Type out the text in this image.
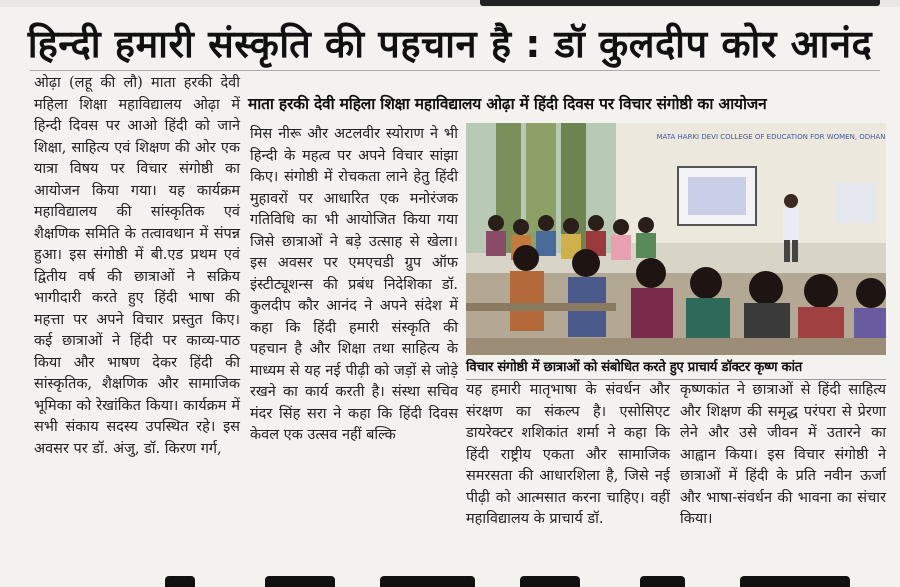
हिन्दी हमारी संस्कृति की पहचान है : डॉ कुलदीप कोर आनंद

ओढ़ा (लहू की लौ) माता हरकी देवी महिला शिक्षा महाविद्यालय ओढ़ा में हिन्दी दिवस पर आओ हिंदी को जाने शिक्षा, साहित्य एवं शिक्षण की ओर एक यात्रा विषय पर विचार संगोष्ठी का आयोजन किया गया। यह कार्यक्रम महाविद्यालय की सांस्कृतिक एवं शैक्षणिक समिति के तत्वावधान में संपन्न हुआ। इस संगोष्ठी में बी.एड प्रथम एवं द्वितीय वर्ष की छात्राओं ने सक्रिय भागीदारी करते हुए हिंदी भाषा की महत्ता पर अपने विचार प्रस्तुत किए। कई छात्राओं ने हिंदी पर काव्य-पाठ किया और भाषण देकर हिंदी की सांस्कृतिक, शैक्षणिक और सामाजिक भूमिका को रेखांकित किया। कार्यक्रम में सभी संकाय सदस्य उपस्थित रहे। इस अवसर पर डॉ. अंजु, डॉ. किरण गर्ग,

माता हरकी देवी महिला शिक्षा महाविद्यालय ओढ़ा में हिंदी दिवस पर विचार संगोष्ठी का आयोजन

मिस नीरू और अटलवीर स्योराण ने भी हिन्दी के महत्व पर अपने विचार सांझा किए। संगोष्ठी में रोचकता लाने हेतु हिंदी मुहावरों पर आधारित एक मनोरंजक गतिविधि का भी आयोजित किया गया जिसे छात्राओं ने बड़े उत्साह से खेला। इस अवसर पर एमएचडी ग्रुप ऑफ इंस्टीट्यूशन्स की प्रबंध निदेशिका डॉ. कुलदीप कौर आनंद ने अपने संदेश में कहा कि हिंदी हमारी संस्कृति की पहचान है और शिक्षा तथा साहित्य के माध्यम से यह नई पीढ़ी को जड़ों से जोड़े रखने का कार्य करती है। संस्था सचिव मंदर सिंह सरा ने कहा कि हिंदी दिवस केवल एक उत्सव नहीं बल्कि

MATA HARKI DEVI COLLEGE OF EDUCATION FOR WOMEN, ODHAN
विचार संगोष्ठी में छात्राओं को संबोधित करते हुए प्राचार्य डॉक्टर कृष्ण कांत

यह हमारी मातृभाषा के संवर्धन और संरक्षण का संकल्प है। एसोसिएट डायरेक्टर शशिकांत शर्मा ने कहा कि हिंदी राष्ट्रीय एकता और सामाजिक समरसता की आधारशिला है, जिसे नई पीढ़ी को आत्मसात करना चाहिए। वहीं महाविद्यालय के प्राचार्य डॉ.

कृष्णकांत ने छात्राओं से हिंदी साहित्य और शिक्षण की समृद्ध परंपरा से प्रेरणा लेने और उसे जीवन में उतारने का आह्वान किया। इस विचार संगोष्ठी ने छात्राओं में हिंदी के प्रति नवीन ऊर्जा और भाषा-संवर्धन की भावना का संचार किया।
